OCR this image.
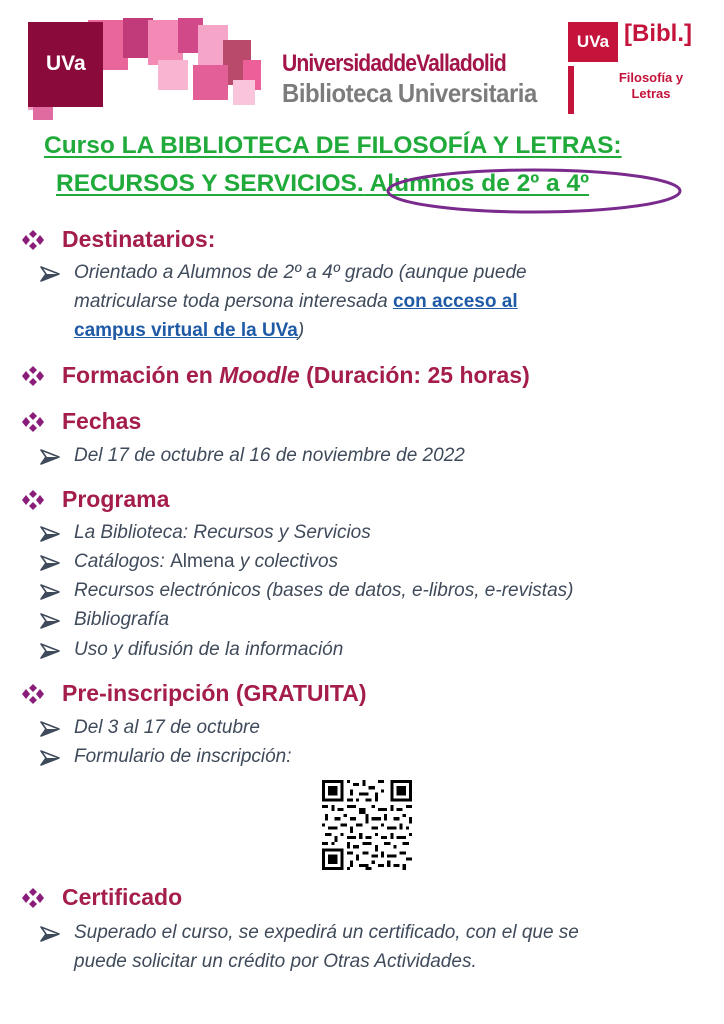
UVa	UniversidaddeValladolid
Biblioteca Universitaria
UVa [Bibl.]
Filosofía y
Letras
Curso LA BIBLIOTECA DE FILOSOFÍA Y LETRAS:
RECURSOS Y SERVICIOS. Alumnos de 2º a 4º
Destinatarios:
Orientado a Alumnos de 2º a 4º grado (aunque puede
matricularse toda persona interesada con acceso al
campus virtual de la UVa)
Formación en Moodle (Duración: 25 horas)
Fechas
Del 17 de octubre al 16 de noviembre de 2022
Programa
La Biblioteca: Recursos y Servicios
Catálogos: Almena y colectivos
Recursos electrónicos (bases de datos, e-libros, e-revistas)
Bibliografía
Uso y difusión de la información
Pre-inscripción (GRATUITA)
Del 3 al 17 de octubre
Formulario de inscripción:
Certificado
Superado el curso, se expedirá un certificado, con el que se
puede solicitar un crédito por Otras Actividades.
